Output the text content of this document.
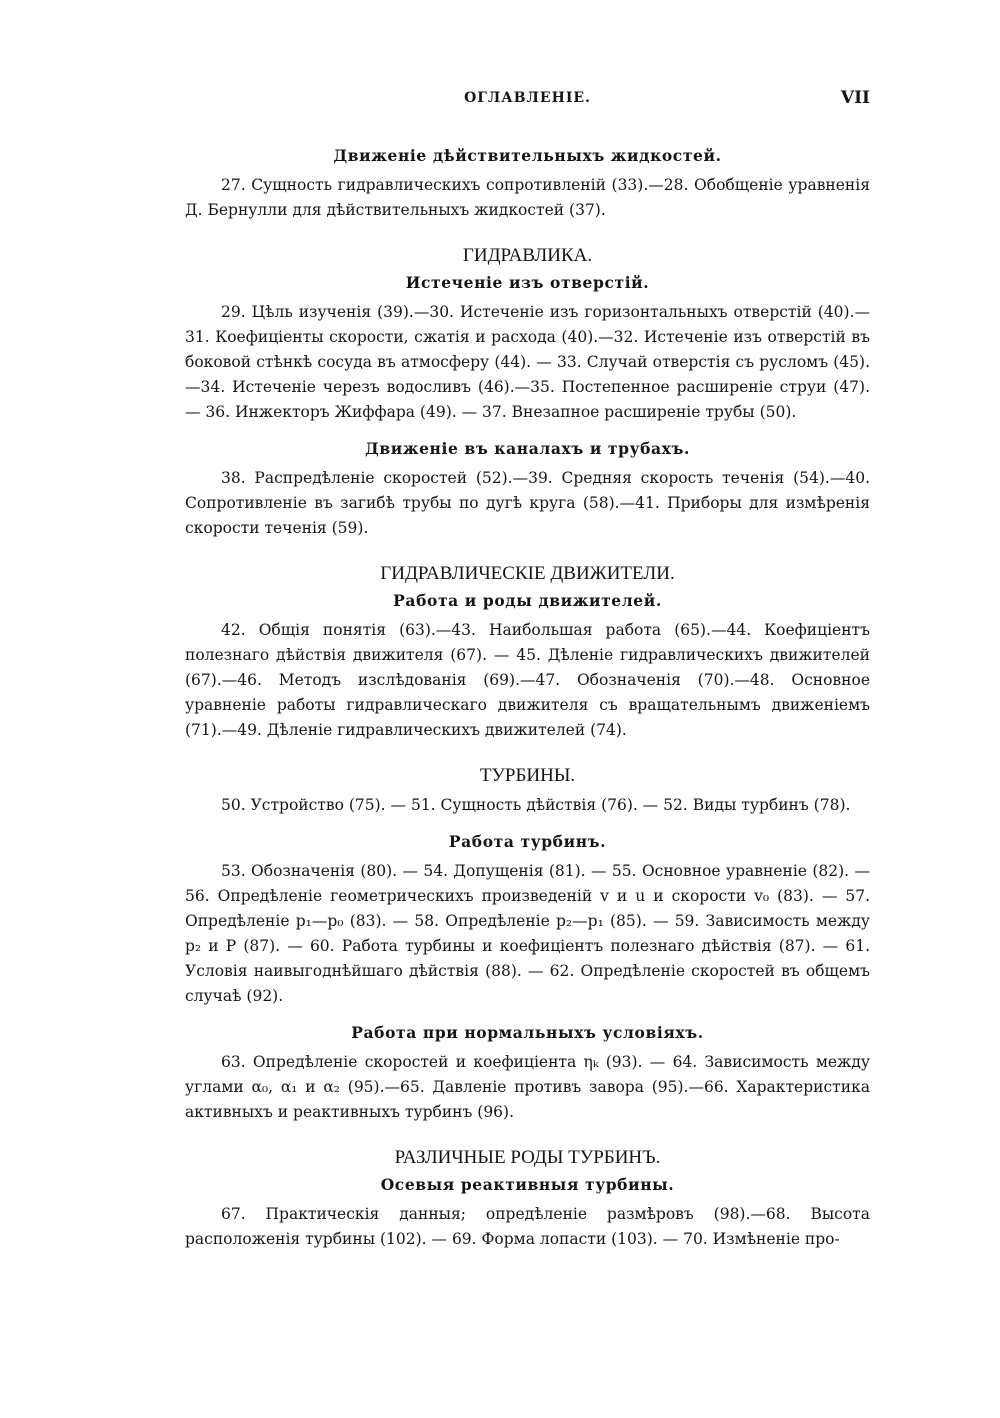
ОГЛАВЛЕНІЕ.	VII
Движеніе дѣйствительныхъ жидкостей.

27. Сущность гидравлическихъ сопротивленій (33).—28. Обобщеніе уравненія Д. Бернулли для дѣйствительныхъ жидкостей (37).

ГИДРАВЛИКА.
Истеченіе изъ отверстій.

29. Цѣль изученія (39).—30. Истеченіе изъ горизонтальныхъ отверстій (40).—31. Коефиціенты скорости, сжатія и расхода (40).—32. Истеченіе изъ отверстій въ боковой стѣнкѣ сосуда въ атмосферу (44). — 33. Случай отверстія съ русломъ (45).—34. Истеченіе черезъ водосливъ (46).—35. Постепенное расширеніе струи (47). — 36. Инжекторъ Жиффара (49). — 37. Внезапное расширеніе трубы (50).

Движеніе въ каналахъ и трубахъ.

38. Распредѣленіе скоростей (52).—39. Средняя скорость теченія (54).—40. Сопротивленіе въ загибѣ трубы по дугѣ круга (58).—41. Приборы для измѣренія скорости теченія (59).

ГИДРАВЛИЧЕСКІЕ ДВИЖИТЕЛИ.
Работа и роды движителей.

42. Общія понятія (63).—43. Наибольшая работа (65).—44. Коефиціентъ полезнаго дѣйствія движителя (67). — 45. Дѣленіе гидравлическихъ движителей (67).—46. Методъ изслѣдованія (69).—47. Обозначенія (70).—48. Основное уравненіе работы гидравлическаго движителя съ вращательнымъ движеніемъ (71).—49. Дѣленіе гидравлическихъ движителей (74).

ТУРБИНЫ.

50. Устройство (75). — 51. Сущность дѣйствія (76). — 52. Виды турбинъ (78).

Работа турбинъ.

53. Обозначенія (80). — 54. Допущенія (81). — 55. Основное уравненіе (82). — 56. Опредѣленіе геометрическихъ произведеній v и u и скорости v₀ (83). — 57. Опредѣленіе p₁—p₀ (83). — 58. Опредѣленіе p₂—p₁ (85). — 59. Зависимость между p₂ и P (87). — 60. Работа турбины и коефиціентъ полезнаго дѣйствія (87). — 61. Условія наивыгоднѣйшаго дѣйствія (88). — 62. Опредѣленіе скоростей въ общемъ случаѣ (92).

Работа при нормальныхъ условіяхъ.

63. Опредѣленіе скоростей и коефиціента ηₖ (93). — 64. Зависимость между углами α₀, α₁ и α₂ (95).—65. Давленіе противъ завора (95).—66. Характеристика активныхъ и реактивныхъ турбинъ (96).

РАЗЛИЧНЫЕ РОДЫ ТУРБИНЪ.
Осевыя реактивныя турбины.

67. Практическія данныя; опредѣленіе размѣровъ (98).—68. Высота расположенія турбины (102). — 69. Форма лопасти (103). — 70. Измѣненіе про-
